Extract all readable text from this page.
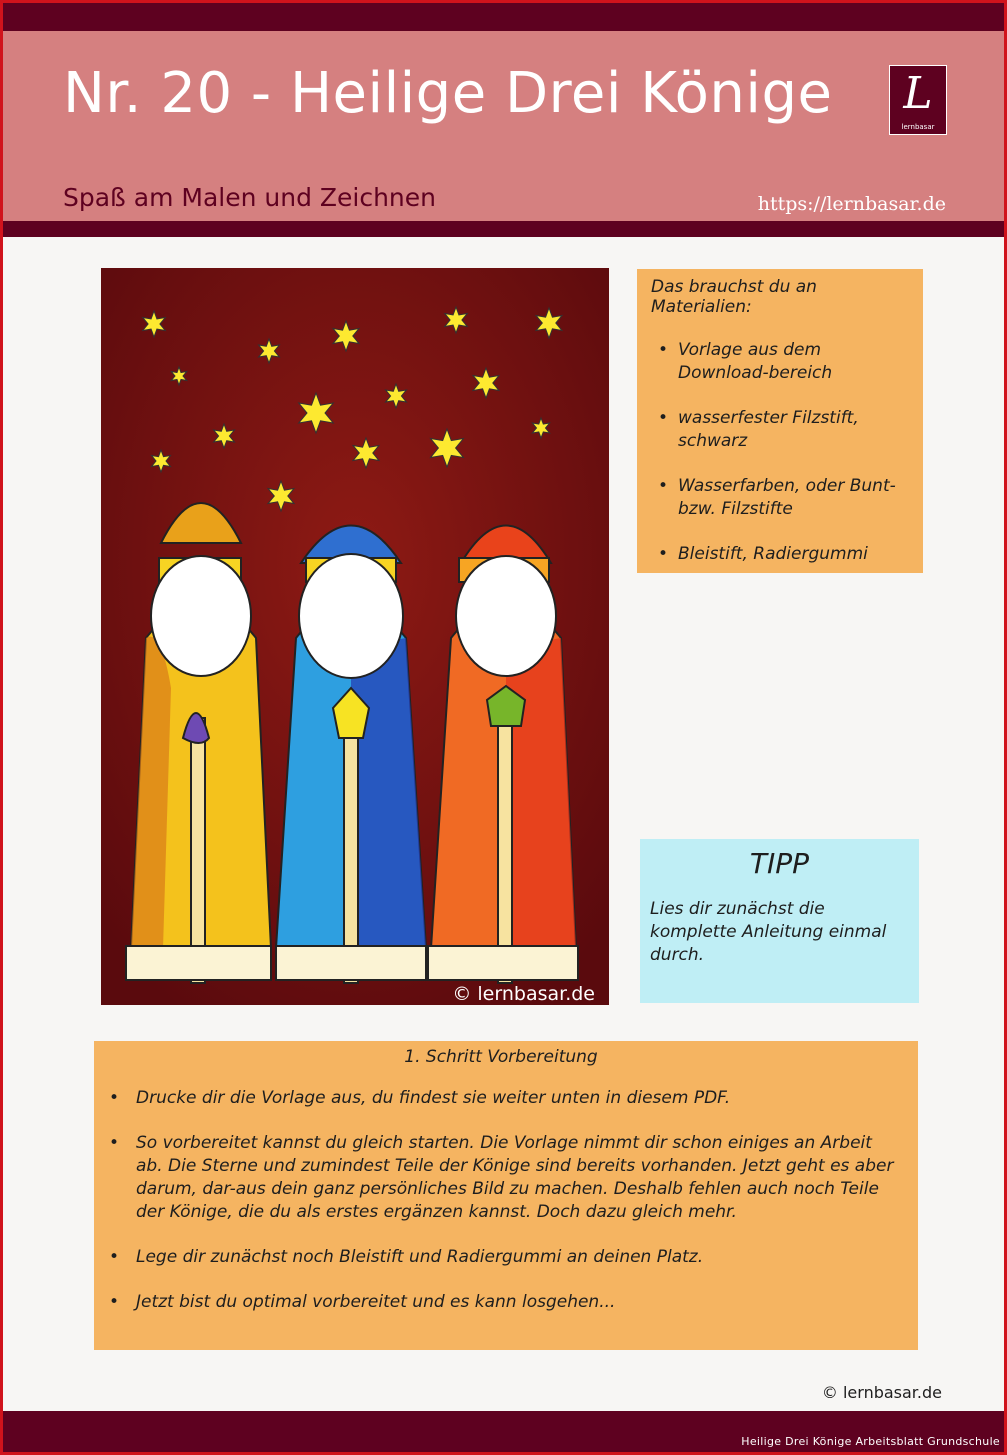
Nr. 20 - Heilige Drei Könige	L
lernbasar
Spaß am Malen und Zeichnen	https://lernbasar.de
© lernbasar.de
Das brauchst du an Materialien:
• Vorlage aus dem Download-bereich
• wasserfester Filzstift, schwarz
• Wasserfarben, oder Bunt- bzw. Filzstifte
• Bleistift, Radiergummi
TIPP
Lies dir zunächst die komplette Anleitung einmal durch.
1. Schritt Vorbereitung
• Drucke dir die Vorlage aus, du findest sie weiter unten in diesem PDF.
• So vorbereitet kannst du gleich starten. Die Vorlage nimmt dir schon einiges an Arbeit ab. Die Sterne und zumindest Teile der Könige sind bereits vorhanden. Jetzt geht es aber darum, dar-aus dein ganz persönliches Bild zu machen. Deshalb fehlen auch noch Teile der Könige, die du als erstes ergänzen kannst. Doch dazu gleich mehr.
• Lege dir zunächst noch Bleistift und Radiergummi an deinen Platz.
• Jetzt bist du optimal vorbereitet und es kann losgehen...
© lernbasar.de
Heilige Drei Könige Arbeitsblatt Grundschule
